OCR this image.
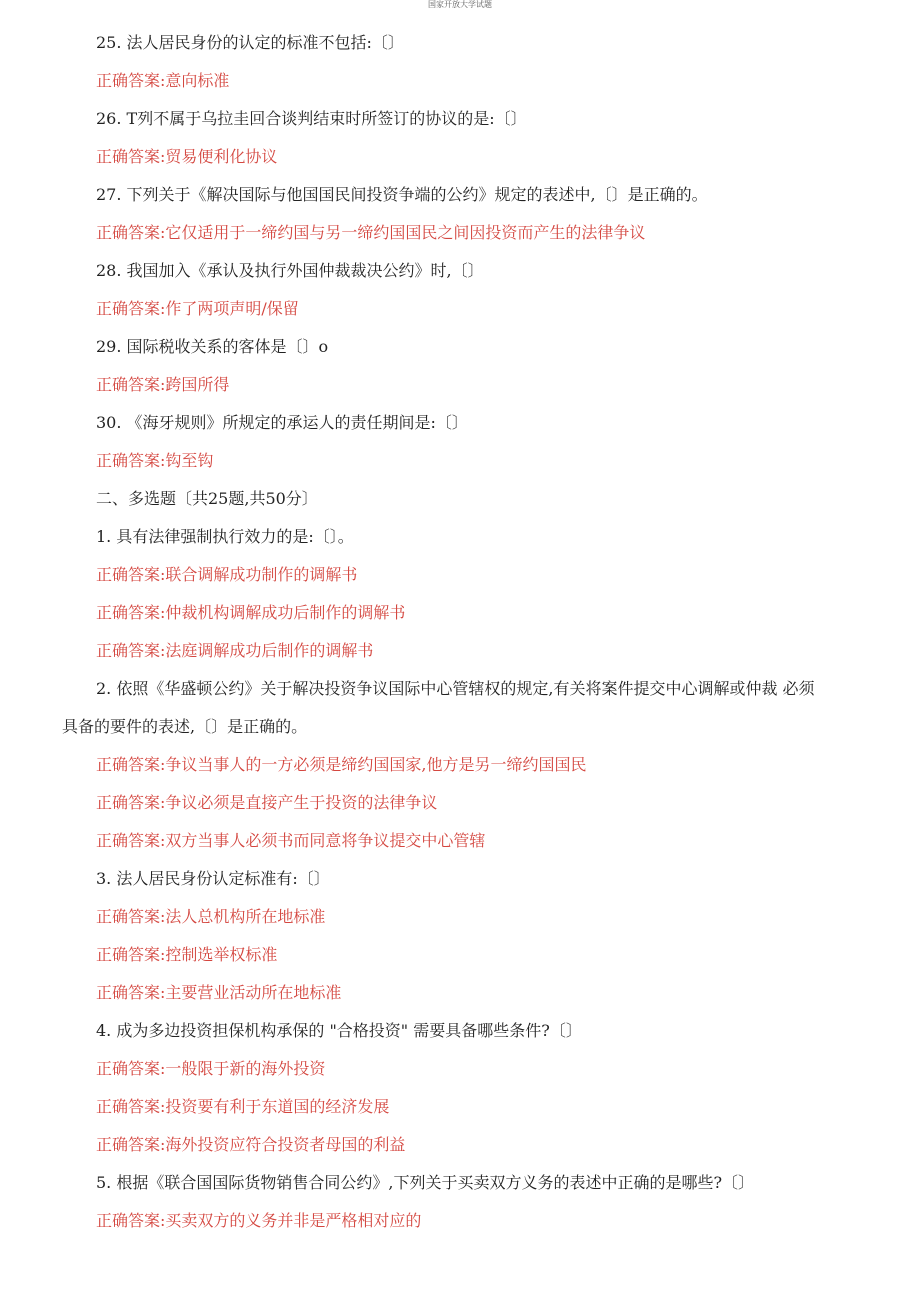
国家开放大学试题
25. 法人居民身份的认定的标准不包括:〔〕
正确答案:意向标准
26. T列不属于乌拉圭回合谈判结束时所签订的协议的是:〔〕
正确答案:贸易便利化协议
27. 下列关于《解决国际与他国国民间投资争端的公约》规定的表述中,〔〕是正确的。
正确答案:它仅适用于一缔约国与另一缔约国国民之间因投资而产生的法律争议
28. 我国加入《承认及执行外国仲裁裁决公约》时,〔〕
正确答案:作了两项声明/保留
29. 国际税收关系的客体是〔〕o
正确答案:跨国所得
30. 《海牙规则》所规定的承运人的责任期间是:〔〕
正确答案:钩至钩
二、多选题〔共25题,共50分〕
1. 具有法律强制执行效力的是:〔〕。
正确答案:联合调解成功制作的调解书
正确答案:仲裁机构调解成功后制作的调解书
正确答案:法庭调解成功后制作的调解书
2. 依照《华盛顿公约》关于解决投资争议国际中心管辖权的规定,有关将案件提交中心调解或仲裁 必须
具备的要件的表述,〔〕是正确的。
正确答案:争议当事人的一方必须是缔约国国家,他方是另一缔约国国民
正确答案:争议必须是直接产生于投资的法律争议
正确答案:双方当事人必须书而同意将争议提交中心管辖
3. 法人居民身份认定标准有:〔〕
正确答案:法人总机构所在地标准
正确答案:控制选举权标准
正确答案:主要营业活动所在地标准
4. 成为多边投资担保机构承保的 "合格投资" 需要具备哪些条件?〔〕
正确答案:一般限于新的海外投资
正确答案:投资要有利于东道国的经济发展
正确答案:海外投资应符合投资者母国的利益
5. 根据《联合国国际货物销售合同公约》,下列关于买卖双方义务的表述中正确的是哪些?〔〕
正确答案:买卖双方的义务并非是严格相对应的
